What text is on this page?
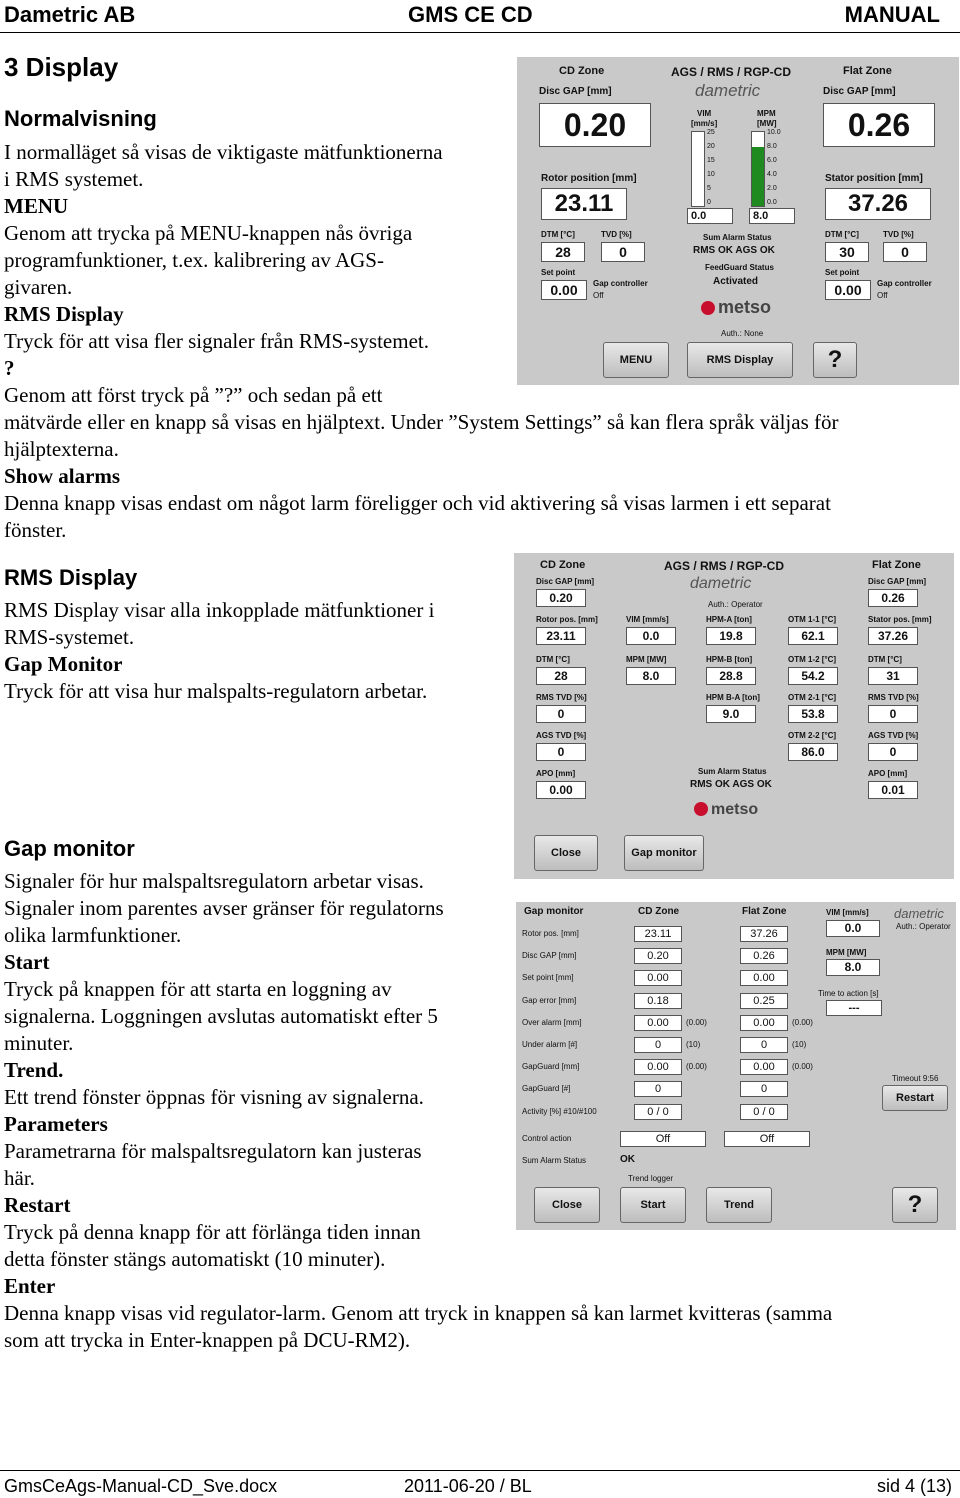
Dametric AB	GMS CE CD	MANUAL
3 Display
Normalvisning
I normalläget så visas de viktigaste mätfunktionerna
i RMS systemet.
MENU
Genom att trycka på MENU-knappen nås övriga
programfunktioner, t.ex. kalibrering av AGS-
givaren.
RMS Display
Tryck för att visa fler signaler från RMS-systemet.
?
Genom att först tryck på ”?” och sedan på ett
mätvärde eller en knapp så visas en hjälptext. Under ”System Settings” så kan flera språk väljas för
hjälptexterna.
Show alarms
Denna knapp visas endast om något larm föreligger och vid aktivering så visas larmen i ett separat
fönster.
CD Zone	AGS / RMS / RGP-CD	Flat Zone
dametric
Disc GAP [mm]
0.20
Disc GAP [mm]
0.26
VIM
[mm/s]
MPM
[MW]
0.0	8.0
Rotor position [mm]
23.11
Stator position [mm]
37.26
DTM [°C]
28
TVD [%]
0
DTM [°C]
30
TVD [%]
0
Sum Alarm Status
RMS OK AGS OK
FeedGuard Status
Activated
Set point
0.00	Gap controller
Off
Set point
0.00	Gap controller
Off
metso
Auth.: None
MENU	RMS Display	?
25
20
15
10
5
0
10.0
8.0
6.0
4.0
2.0
0.0
RMS Display
RMS Display visar alla inkopplade mätfunktioner i
RMS-systemet.
Gap Monitor
Tryck för att visa hur malspalts-regulatorn arbetar.
CD Zone	AGS / RMS / RGP-CD	Flat Zone
dametric
Auth.: Operator
Disc GAP [mm]
0.20
Disc GAP [mm]
0.26
Rotor pos. [mm]
23.11
VIM [mm/s]
0.0
HPM-A [ton]
19.8
OTM 1-1 [°C]
62.1
Stator pos. [mm]
37.26
DTM [°C]
28
MPM [MW]
8.0
HPM-B [ton]
28.8
OTM 1-2 [°C]
54.2
DTM [°C]
31
RMS TVD [%]
0
HPM B-A [ton]
9.0
OTM 2-1 [°C]
53.8
RMS TVD [%]
0
AGS TVD [%]
0
OTM 2-2 [°C]
86.0
AGS TVD [%]
0
APO [mm]
0.00
APO [mm]
0.01
Sum Alarm Status
RMS OK AGS OK
metso
Close	Gap monitor
Gap monitor
Signaler för hur malspaltsregulatorn arbetar visas.
Signaler inom parentes avser gränser för regulatorns
olika larmfunktioner.
Start
Tryck på knappen för att starta en loggning av
signalerna. Loggningen avslutas automatiskt efter 5
minuter.
Trend.
Ett trend fönster öppnas för visning av signalerna.
Parameters
Parametrarna för malspaltsregulatorn kan justeras
här.
Restart
Tryck på denna knapp för att förlänga tiden innan
detta fönster stängs automatiskt (10 minuter).
Enter
Denna knapp visas vid regulator-larm. Genom att tryck in knappen så kan larmet kvitteras (samma
som att trycka in Enter-knappen på DCU-RM2).
Gap monitor	CD Zone	Flat Zone	dametric
Auth.: Operator
VIM [mm/s]
0.0
MPM [MW]
8.0
Time to action [s]
---
Rotor pos. [mm]	23.11	37.26
Disc GAP [mm]	0.20	0.26
Set point [mm]	0.00	0.00
Gap error [mm]	0.18	0.25
Over alarm [mm]	0.00	(0.00)	0.00	(0.00)
Under alarm [#]	0	(10)	0	(10)
GapGuard [mm]	0.00	(0.00)	0.00	(0.00)
GapGuard [#]	0	0
Activity [%] #10/#100	0 / 0	0 / 0
Control action	Off	Off
Sum Alarm Status	OK
Trend logger
Timeout 9:56
Restart
Close	Start	Trend	?
GmsCeAgs-Manual-CD_Sve.docx	2011-06-20 / BL	sid 4 (13)
